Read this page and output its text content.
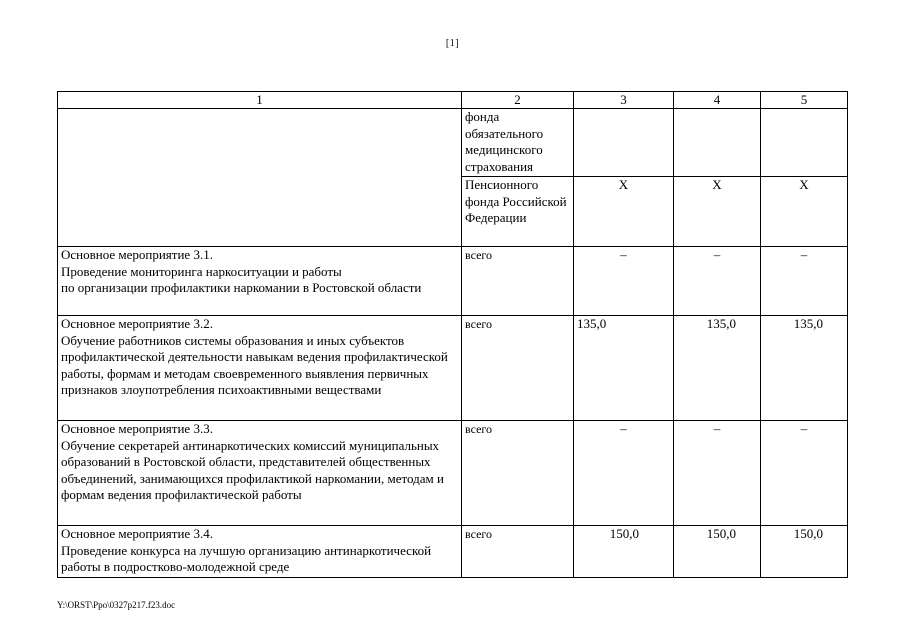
[1]
1	2	3	4	5
	фонда обязательного медицинского страхования			
	Пенсионного фонда Российской Федерации	Х	Х	Х
Основное мероприятие 3.1.
Проведение мониторинга наркоситуации и работы
по организации профилактики наркомании в Ростовской области	всего	–	–	–
Основное мероприятие 3.2.
Обучение работников системы образования и иных субъектов профилактической деятельности навыкам ведения профилактической работы, формам и методам своевременного выявления первичных признаков злоупотребления психоактивными веществами	всего	135,0	135,0	135,0
Основное мероприятие 3.3.
Обучение секретарей антинаркотических комиссий муниципальных образований в Ростовской области, представителей общественных объединений, занимающихся профилактикой наркомании, методам и формам ведения профилактической работы	всего	–	–	–
Основное мероприятие 3.4.
Проведение конкурса на лучшую организацию антинаркотической работы в подростково-молодежной среде	всего	150,0	150,0	150,0
Y:\ORST\Ppo\0327p217.f23.doc
